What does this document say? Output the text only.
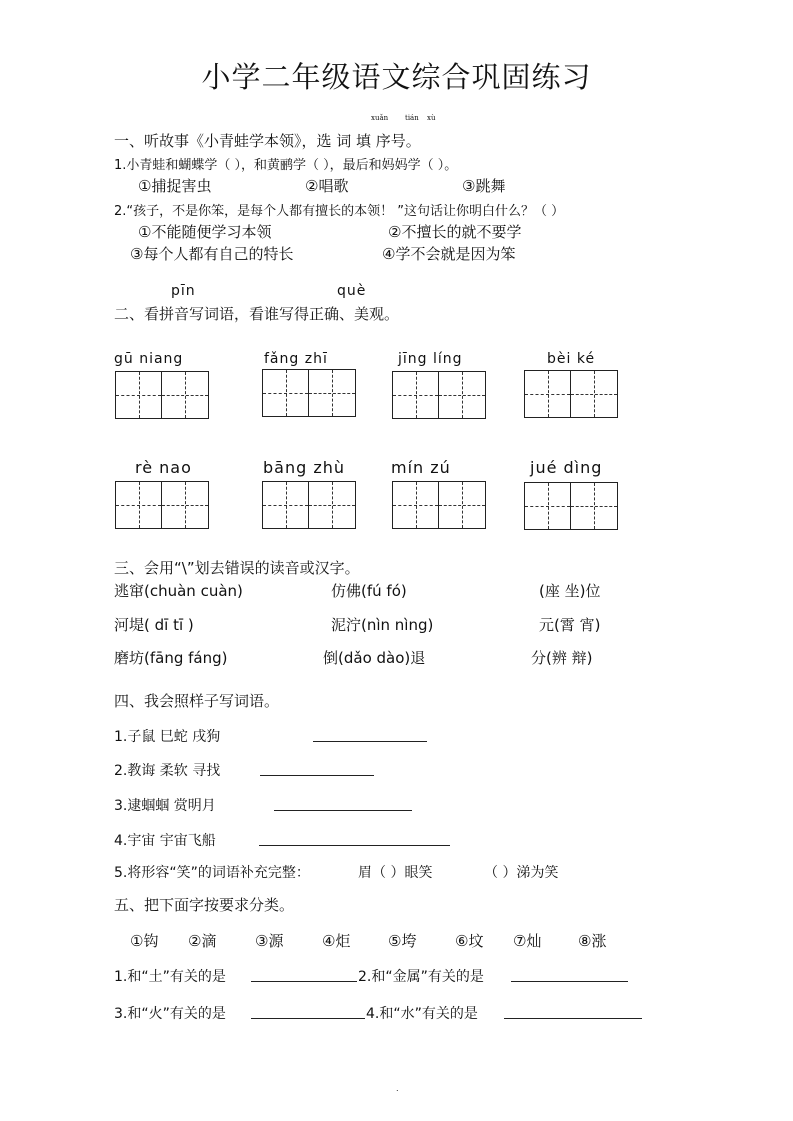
小学二年级语文综合巩固练习
xuǎn tián xù
一、听故事《小青蛙学本领》，选 词 填 序号。
1.小青蛙和蝴蝶学（ ），和黄鹂学（ ），最后和妈妈学（ ）。
①捕捉害虫	②唱歌	③跳舞
2.“孩子，不是你笨，是每个人都有擅长的本领！ ”这句话让你明白什么？（ ）
①不能随便学习本领	②不擅长的就不要学
③每个人都有自己的特长	④学不会就是因为笨
pīn	què
二、看拼音写词语，看谁写得正确、美观。
gū niang	fǎng zhī	jīng líng	bèi ké
rè nao	bāng zhù	mín zú	jué dìng
三、会用“\”划去错误的读音或汉字。
逃窜(chuàn cuàn)	仿佛(fú fó)	(座 坐)位
河堤( dī tī )	泥泞(nìn nìng)	元(霄 宵)
磨坊(fāng fáng)	倒(dǎo dào)退	分(辨 辩)
四、我会照样子写词语。
1.子鼠 巳蛇 戌狗
2.教诲 柔软 寻找
3.逮蝈蝈 赏明月
4.宇宙 宇宙飞船
5.将形容“笑”的词语补充完整：	眉（ ）眼笑	（ ）涕为笑
五、把下面字按要求分类。
①钩 ②滴	③源	④炬	⑤垮	⑥坟 ⑦灿 ⑧涨
1.和“土”有关的是	2.和“金属”有关的是
3.和“火”有关的是	4.和“水”有关的是
.
